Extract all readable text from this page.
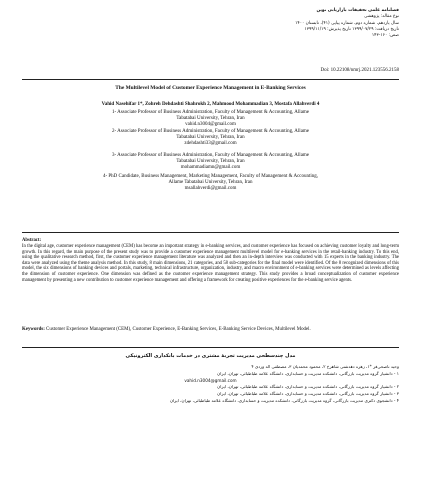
فصلنامه علمی تحقیقات بازاریابی نوین
نوع مقاله: پژوهشی
سال یازدهم، شماره دوم، شماره پیاپی (۴۱)، تابستان ۱۴۰۰
تاریخ دریافت: ۱۳۹۹/۰۷/۲۹ تاریخ پذیرش: ۱۳۹۹/۱۱/۱۹
صص: ۱۶۰-۱۴۳
Doi: 10.22108/nmrj.2021.123556.2158
The Multilevel Model of Customer Experience Management in E-Banking Services
Vahid Nasehifar 1*, Zohreh Dehdashti Shahrokh 2, Mahmood Mohammadian 3, Mostafa Allahverdi 4
1- Associate Professor of Business Administration, Faculty of Management & Accounting, Allame
Tabatabai University, Tehran, Iran
vahid.n3004@gmail.com
2- Associate Professor of Business Administration, Faculty of Management & Accounting, Allame
Tabatabai University, Tehran, Iran
zdehdashti33@gmail.com
3- Associate Professor of Business Administration, Faculty of Management & Accounting, Allame
Tabatabai University, Tehran, Iran
mohammadiamn@gmail.com
4- PhD Candidate, Business Management, Marketing Management, Faculty of Management & Accounting,
Allame Tabatabai University, Tehran, Iran
msallahverdi@gmail.com
Abstract:
In the digital age, customer experience management (CEM) has become an important strategy in e-banking services, and customer experience has focused on achieving customer loyalty and long-term growth. In this regard, the main purpose of the present study was to provide a customer experience management multilevel model for e-banking services in the retail-banking industry. To this end, using the qualitative research method, first, the customer experience management literature was analyzed and then an in-depth interview was conducted with 15 experts in the banking industry. The data were analyzed using the theme analysis method. In this study, 8 main dimensions, 21 categories, and 58 sub-categories for the final model were identified. Of the 8 recognized dimensions of this model, the six dimensions of banking devices and portals, marketing, technical infrastructure, organization, industry, and macro environment of e-banking services were determined as levels affecting the dimension of customer experience. One dimension was defined as the customer experience management strategy. This study provides a broad conceptualization of customer experience management by presenting a new contribution to customer experience management and offering a framework for creating positive experiences for the e-banking service agents.
Keywords: Customer Experience Management (CEM), Customer Experience, E-Banking Services, E-Banking Service Devices, Multilevel Model.
مدل چندسطحی مدیریت تجربهٔ مشتری در خدمات بانکداری الکترونیکی
وحید ناصحی‌فر *۱، زهره دهدشتی شاهرخ ۲، محمود محمدیان ۳، مصطفی اله وردی ۴
۱ - دانشیار گروه مدیریت بازرگانی، دانشکده مدیریت و حسابداری، دانشگاه علامه طباطبائی، تهران، ایران
vahid.n3004@gmail.com
۲ - دانشیار گروه مدیریت بازرگانی، دانشکده مدیریت و حسابداری، دانشگاه علامه طباطبائی، تهران، ایران
۳ - دانشیار گروه مدیریت بازرگانی، دانشکده مدیریت و حسابداری، دانشگاه علامه طباطبائی، تهران، ایران
۴ - دانشجوی دکتری مدیریت بازرگانی، گروه مدیریت بازرگانی، دانشکده مدیریت و حسابداری، دانشگاه علامه طباطبائی، تهران، ایران
